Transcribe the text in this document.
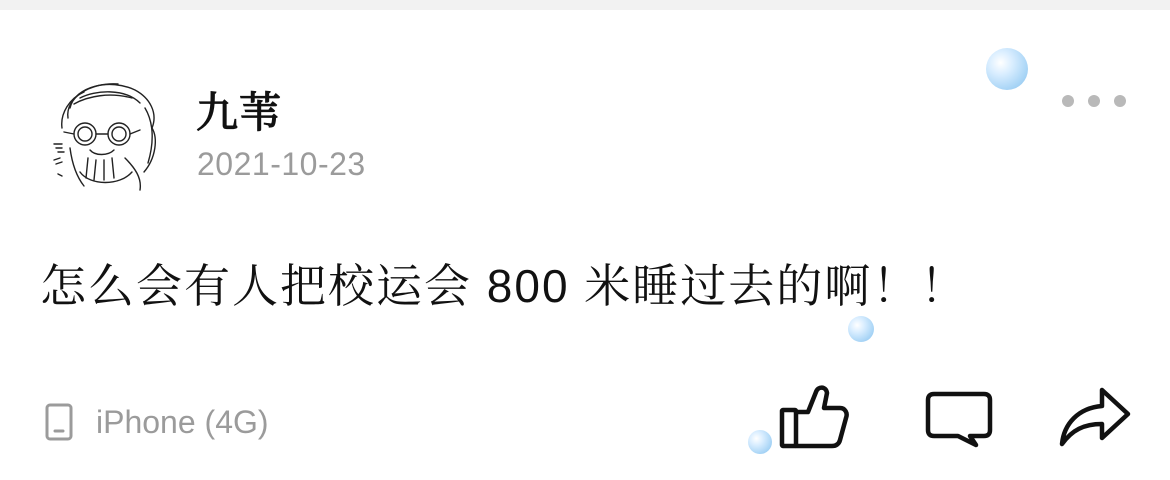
九苇
2021-10-23
怎么会有人把校运会 800 米睡过去的啊！！
iPhone (4G)
